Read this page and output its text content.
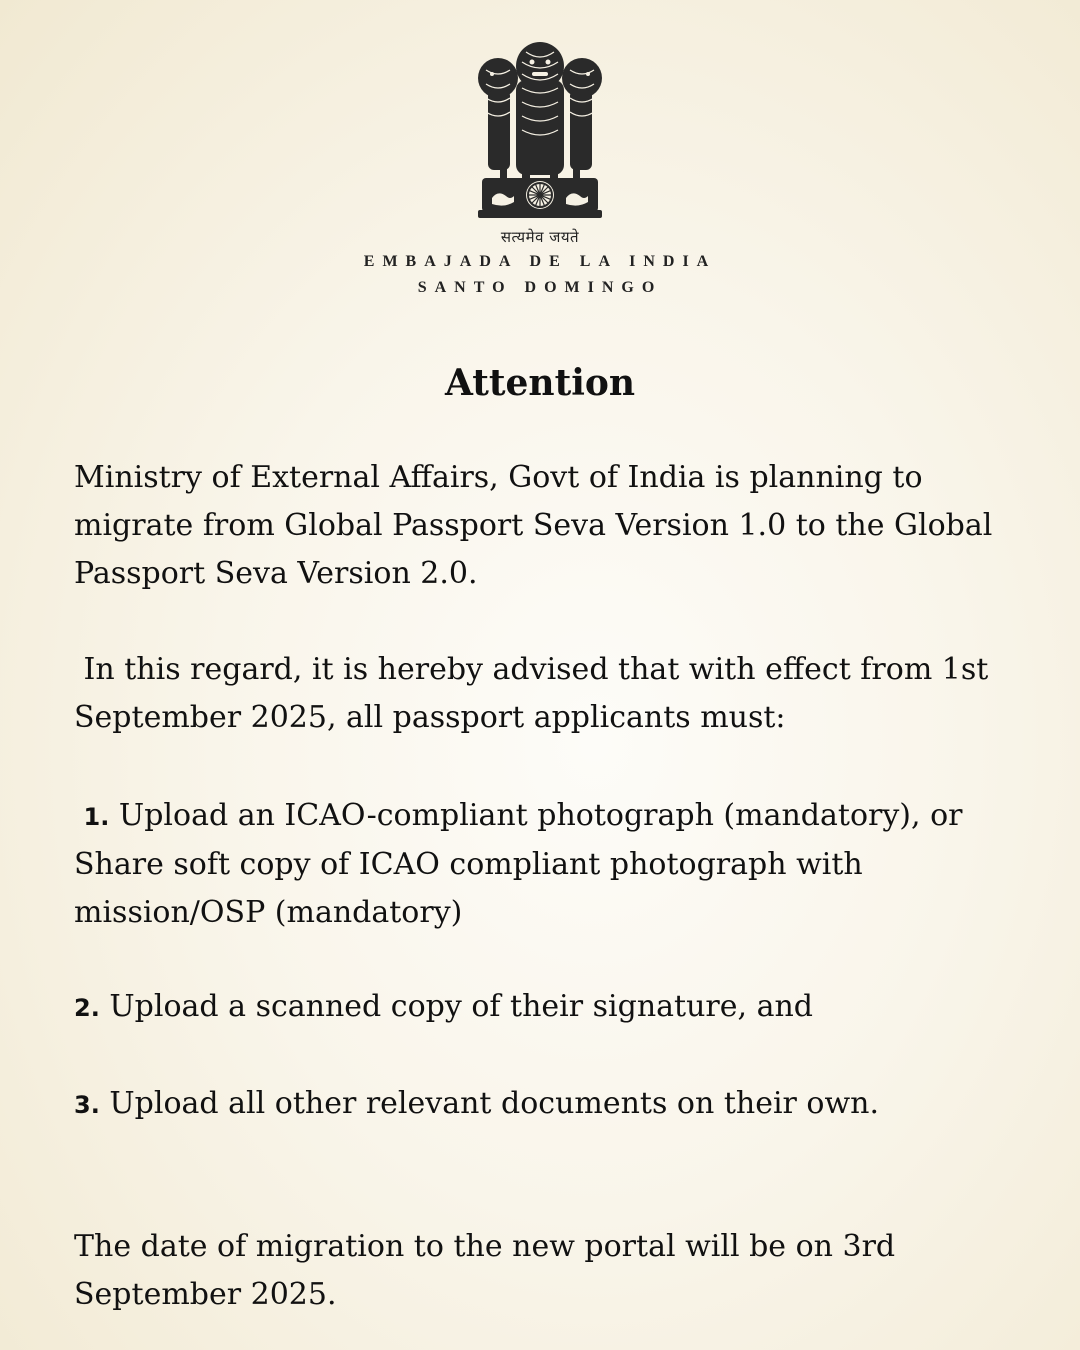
सत्यमेव जयते
EMBAJADA DE LA INDIA
SANTO DOMINGO
Attention

Ministry of External Affairs, Govt of India is planning to migrate from Global Passport Seva Version 1.0 to the Global Passport Seva Version 2.0.

In this regard, it is hereby advised that with effect from 1st September 2025, all passport applicants must:

1. Upload an ICAO-compliant photograph (mandatory), or Share soft copy of ICAO compliant photograph with mission/OSP (mandatory)

2. Upload a scanned copy of their signature, and

3. Upload all other relevant documents on their own.

The date of migration to the new portal will be on 3rd September 2025.
